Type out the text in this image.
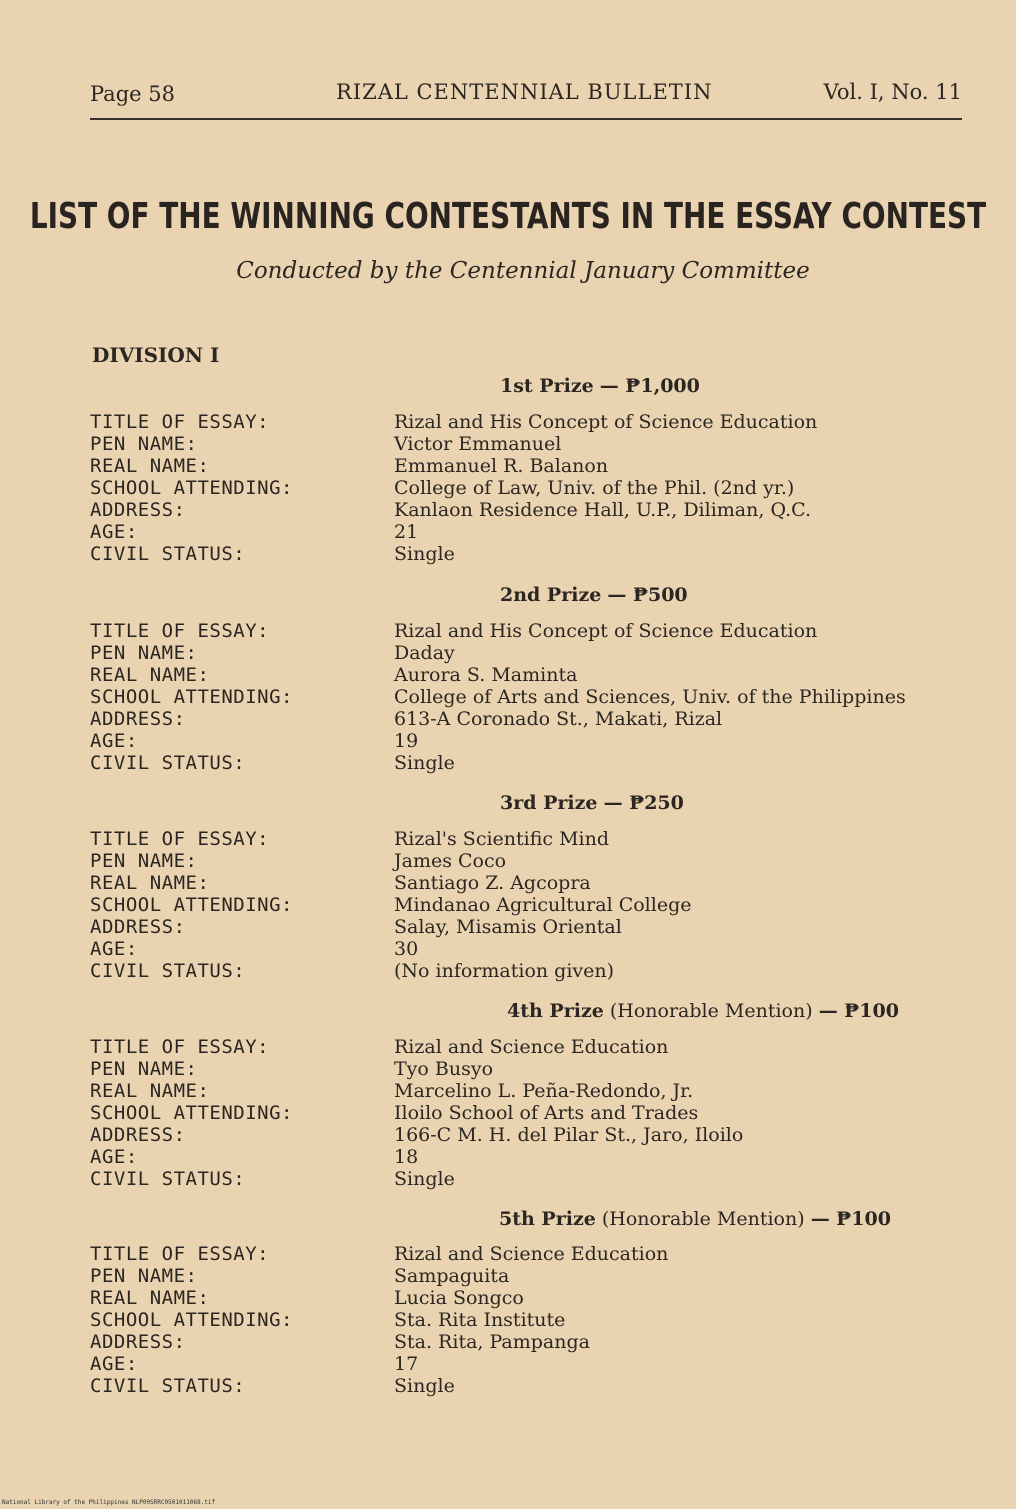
Page 58	RIZAL CENTENNIAL BULLETIN	Vol. I, No. 11
LIST OF THE WINNING CONTESTANTS IN THE ESSAY CONTEST
Conducted by the Centennial January Committee
DIVISION I
1st Prize — ₱1,000
TITLE OF ESSAY:	Rizal and His Concept of Science Education
PEN NAME:	Victor Emmanuel
REAL NAME:	Emmanuel R. Balanon
SCHOOL ATTENDING:	College of Law, Univ. of the Phil. (2nd yr.)
ADDRESS:	Kanlaon Residence Hall, U.P., Diliman, Q.C.
AGE:	21
CIVIL STATUS:	Single
2nd Prize — ₱500
TITLE OF ESSAY:	Rizal and His Concept of Science Education
PEN NAME:	Daday
REAL NAME:	Aurora S. Maminta
SCHOOL ATTENDING:	College of Arts and Sciences, Univ. of the Philippines
ADDRESS:	613-A Coronado St., Makati, Rizal
AGE:	19
CIVIL STATUS:	Single
3rd Prize — ₱250
TITLE OF ESSAY:	Rizal's Scientific Mind
PEN NAME:	James Coco
REAL NAME:	Santiago Z. Agcopra
SCHOOL ATTENDING:	Mindanao Agricultural College
ADDRESS:	Salay, Misamis Oriental
AGE:	30
CIVIL STATUS:	(No information given)
4th Prize (Honorable Mention) — ₱100
TITLE OF ESSAY:	Rizal and Science Education
PEN NAME:	Tyo Busyo
REAL NAME:	Marcelino L. Peña-Redondo, Jr.
SCHOOL ATTENDING:	Iloilo School of Arts and Trades
ADDRESS:	166-C M. H. del Pilar St., Jaro, Iloilo
AGE:	18
CIVIL STATUS:	Single
5th Prize (Honorable Mention) — ₱100
TITLE OF ESSAY:	Rizal and Science Education
PEN NAME:	Sampaguita
REAL NAME:	Lucia Songco
SCHOOL ATTENDING:	Sta. Rita Institute
ADDRESS:	Sta. Rita, Pampanga
AGE:	17
CIVIL STATUS:	Single
National Library of the Philippines NLP00SRRC0501011068.tif
